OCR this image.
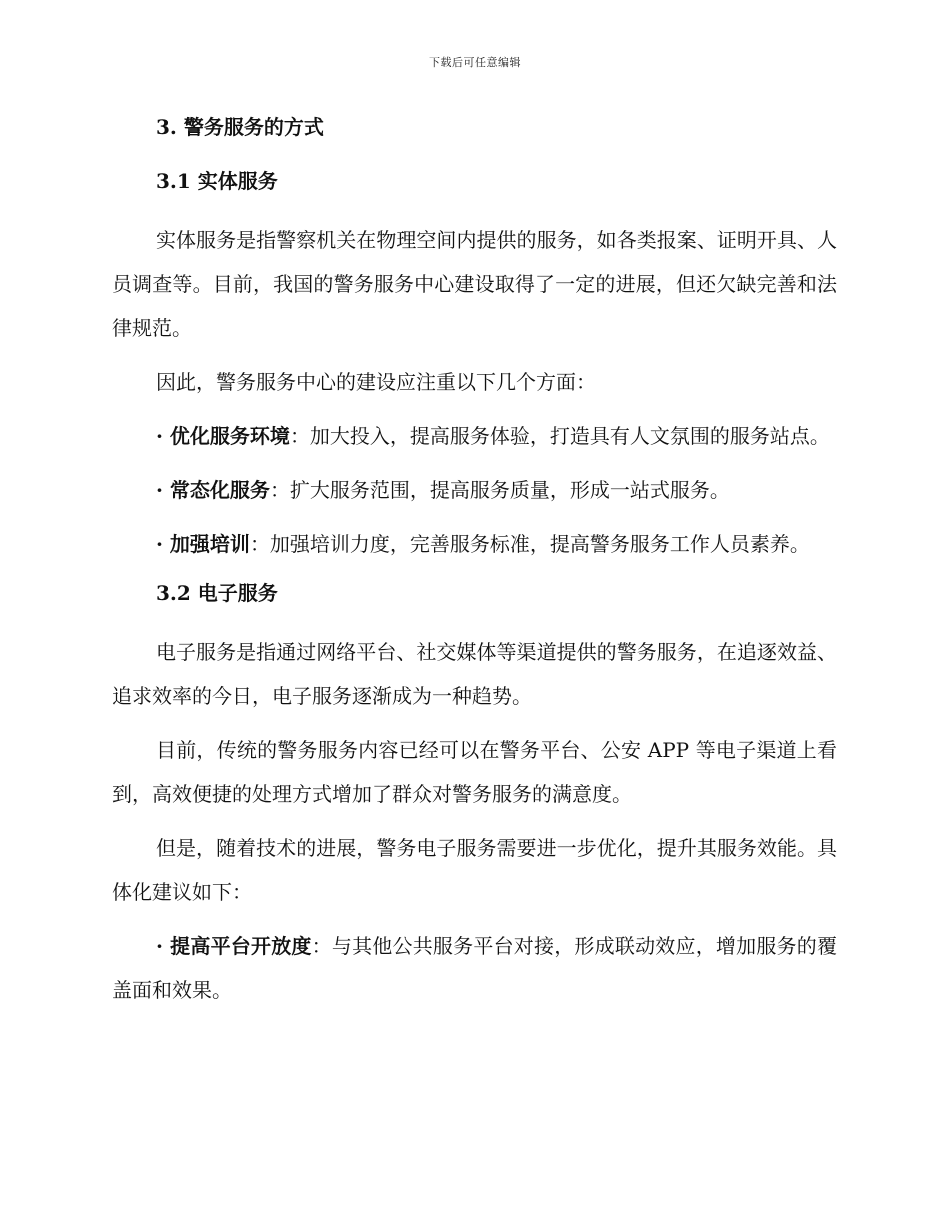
下载后可任意编辑
3. 警务服务的方式
3.1 实体服务

实体服务是指警察机关在物理空间内提供的服务，如各类报案、证明开具、人员调查等。目前，我国的警务服务中心建设取得了一定的进展，但还欠缺完善和法律规范。

因此，警务服务中心的建设应注重以下几个方面：

· 优化服务环境：加大投入，提高服务体验，打造具有人文氛围的服务站点。

· 常态化服务：扩大服务范围，提高服务质量，形成一站式服务。

· 加强培训：加强培训力度，完善服务标准，提高警务服务工作人员素养。

3.2 电子服务

电子服务是指通过网络平台、社交媒体等渠道提供的警务服务，在追逐效益、追求效率的今日，电子服务逐渐成为一种趋势。

目前，传统的警务服务内容已经可以在警务平台、公安 APP 等电子渠道上看到，高效便捷的处理方式增加了群众对警务服务的满意度。

但是，随着技术的进展，警务电子服务需要进一步优化，提升其服务效能。具体化建议如下：

· 提高平台开放度：与其他公共服务平台对接，形成联动效应，增加服务的覆盖面和效果。
